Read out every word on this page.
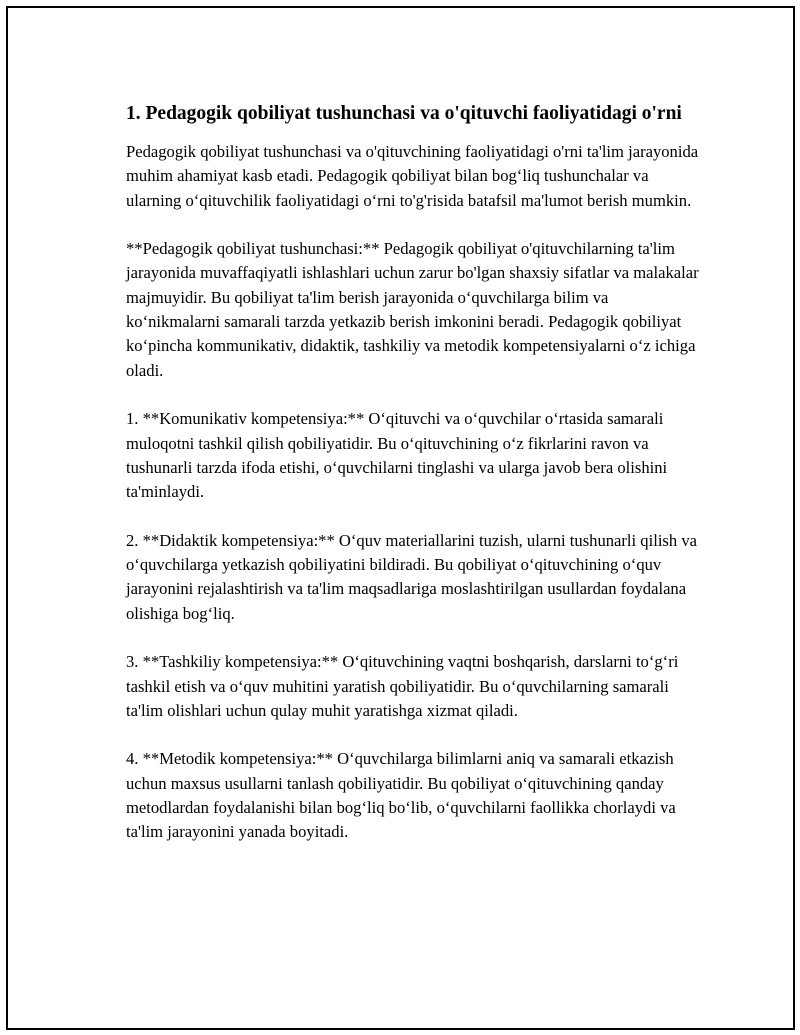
1. Pedagogik qobiliyat tushunchasi va o'qituvchi faoliyatidagi o'rni

Pedagogik qobiliyat tushunchasi va o'qituvchining faoliyatidagi o'rni ta'lim jarayonida muhim ahamiyat kasb etadi. Pedagogik qobiliyat bilan bog‘liq tushunchalar va ularning o‘qituvchilik faoliyatidagi o‘rni to'g'risida batafsil ma'lumot berish mumkin.

**Pedagogik qobiliyat tushunchasi:** Pedagogik qobiliyat o'qituvchilarning ta'lim jarayonida muvaffaqiyatli ishlashlari uchun zarur bo'lgan shaxsiy sifatlar va malakalar majmuyidir. Bu qobiliyat ta'lim berish jarayonida o‘quvchilarga bilim va ko‘nikmalarni samarali tarzda yetkazib berish imkonini beradi. Pedagogik qobiliyat ko‘pincha kommunikativ, didaktik, tashkiliy va metodik kompetensiyalarni o‘z ichiga oladi.

1. **Komunikativ kompetensiya:** O‘qituvchi va o‘quvchilar o‘rtasida samarali muloqotni tashkil qilish qobiliyatidir. Bu o‘qituvchining o‘z fikrlarini ravon va tushunarli tarzda ifoda etishi, o‘quvchilarni tinglashi va ularga javob bera olishini ta'minlaydi.

2. **Didaktik kompetensiya:** O‘quv materiallarini tuzish, ularni tushunarli qilish va o‘quvchilarga yetkazish qobiliyatini bildiradi. Bu qobiliyat o‘qituvchining o‘quv jarayonini rejalashtirish va ta'lim maqsadlariga moslashtirilgan usullardan foydalana olishiga bog‘liq.

3. **Tashkiliy kompetensiya:** O‘qituvchining vaqtni boshqarish, darslarni to‘g‘ri tashkil etish va o‘quv muhitini yaratish qobiliyatidir. Bu o‘quvchilarning samarali ta'lim olishlari uchun qulay muhit yaratishga xizmat qiladi.

4. **Metodik kompetensiya:** O‘quvchilarga bilimlarni aniq va samarali etkazish uchun maxsus usullarni tanlash qobiliyatidir. Bu qobiliyat o‘qituvchining qanday metodlardan foydalanishi bilan bog‘liq bo‘lib, o‘quvchilarni faollikka chorlaydi va ta'lim jarayonini yanada boyitadi.
